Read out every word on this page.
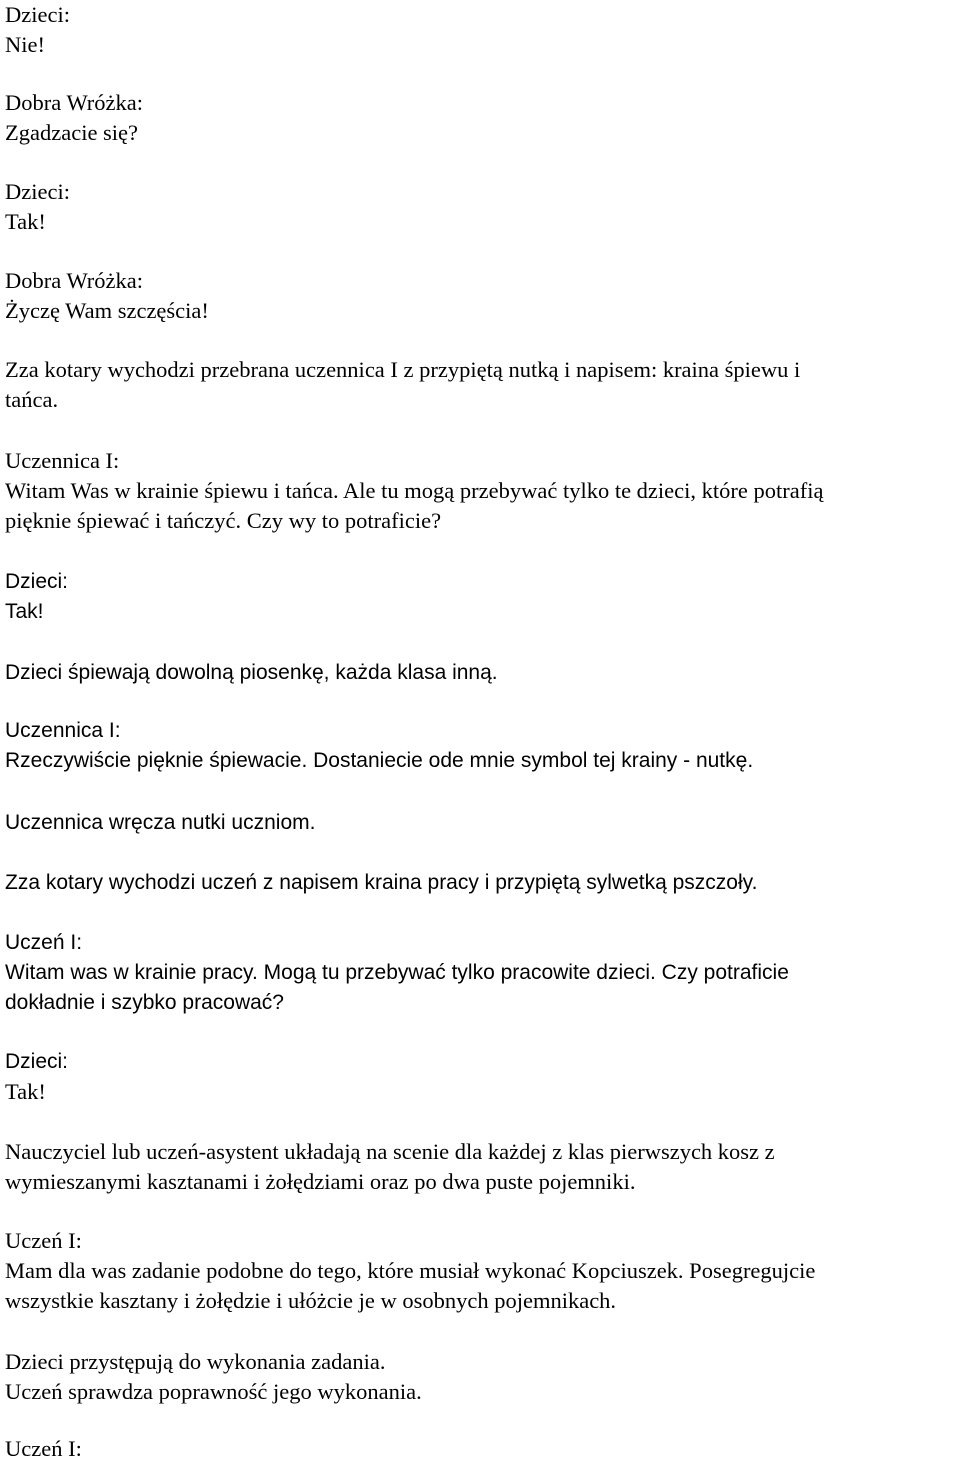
Dzieci:
Nie!
Dobra Wróżka:
Zgadzacie się?
Dzieci:
Tak!
Dobra Wróżka:
Życzę Wam szczęścia!
Zza kotary wychodzi przebrana uczennica I z przypiętą nutką i napisem: kraina śpiewu i
tańca.
Uczennica I:
Witam Was w krainie śpiewu i tańca. Ale tu mogą przebywać tylko te dzieci, które potrafią
pięknie śpiewać i tańczyć. Czy wy to potraficie?
Dzieci:
Tak!
Dzieci śpiewają dowolną piosenkę, każda klasa inną.
Uczennica I:
Rzeczywiście pięknie śpiewacie. Dostaniecie ode mnie symbol tej krainy - nutkę.
Uczennica wręcza nutki uczniom.
Zza kotary wychodzi uczeń z napisem kraina pracy i przypiętą sylwetką pszczoły.
Uczeń I:
Witam was w krainie pracy. Mogą tu przebywać tylko pracowite dzieci. Czy potraficie
dokładnie i szybko pracować?
Dzieci:
Tak!
Nauczyciel lub uczeń-asystent układają na scenie dla każdej z klas pierwszych kosz z
wymieszanymi kasztanami i żołędziami oraz po dwa puste pojemniki.
Uczeń I:
Mam dla was zadanie podobne do tego, które musiał wykonać Kopciuszek. Posegregujcie
wszystkie kasztany i żołędzie i ułóżcie je w osobnych pojemnikach.
Dzieci przystępują do wykonania zadania.
Uczeń sprawdza poprawność jego wykonania.
Uczeń I:
